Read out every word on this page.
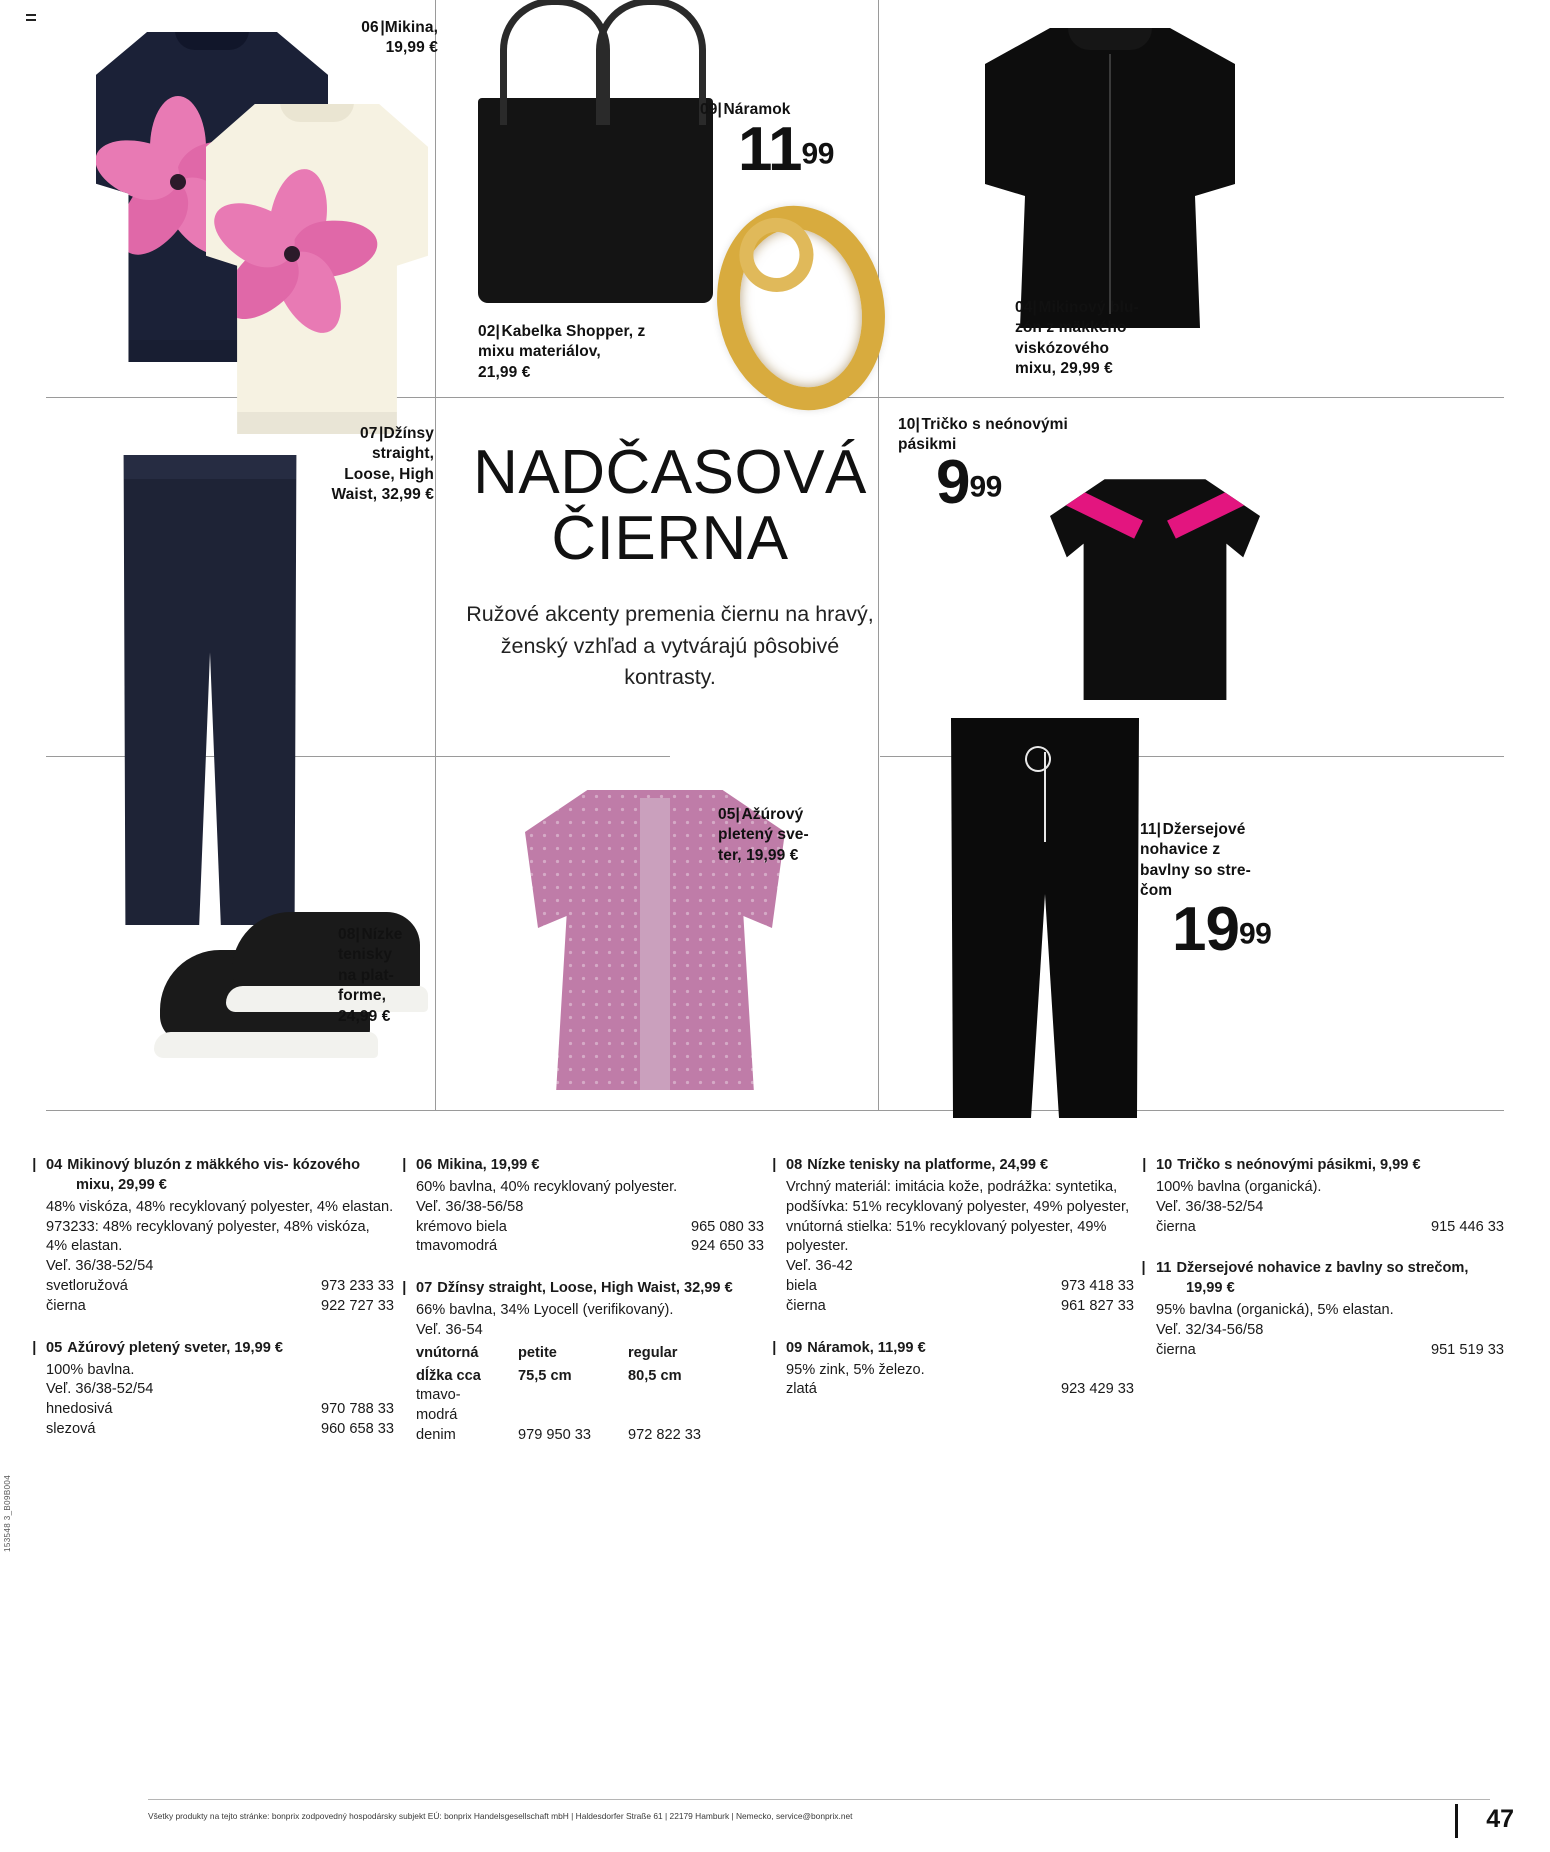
06 |Mikina,
19,99 €
02| Kabelka Shopper, z
mixu materiálov,
21,99 €
09| Náramok
1199
04| Mikinový blu-
zón z mäkkého
viskózového
mixu, 29,99 €
07 |Džínsy
straight,
Loose, High
Waist, 32,99 € NADČASOVÁ
ČIERNA

Ružové akcenty premenia čiernu na hravý, ženský vzhľad a vytvárajú pôsobivé kontrasty.

10| Tričko s neónovými
pásikmi
999
08| Nízke
tenisky
na plat-
forme,
24,99 €
05| Ažúrový
pletený sve-
ter, 19,99 €
11| Džersejové
nohavice z
bavlny so stre-
čom
1999
04| Mikinový bluzón z mäkkého vis- kózového mixu, 29,99 €
48% viskóza, 48% recyklovaný polyester, 4% elastan. 973233: 48% recyklovaný polyester, 48% viskóza, 4% elastan.
Veľ. 36/38-52/54
svetloružová	973 233 33
čierna	922 727 33
05| Ažúrový pletený sveter, 19,99 €
100% bavlna.
Veľ. 36/38-52/54
hnedosivá	970 788 33
slezová	960 658 33
06| Mikina, 19,99 €
60% bavlna, 40% recyklovaný polyester.
Veľ. 36/38-56/58
krémovo biela	965 080 33
tmavomodrá	924 650 33
07| Džínsy straight, Loose, High Waist, 32,99 €
66% bavlna, 34% Lyocell (verifikovaný).
Veľ. 36-54
vnútorná	petite	regular
dĺžka cca	75,5 cm	80,5 cm
tmavo-
modrá
denim	979 950 33	972 822 33
08| Nízke tenisky na platforme, 24,99 €
Vrchný materiál: imitácia kože, podrážka: syntetika, podšívka: 51% recyklovaný polyester, 49% polyester, vnútorná stielka: 51% recyklovaný polyester, 49% polyester.
Veľ. 36-42
biela	973 418 33
čierna	961 827 33
09| Náramok, 11,99 €
95% zink, 5% železo.
zlatá	923 429 33
10| Tričko s neónovými pásikmi, 9,99 €
100% bavlna (organická).
Veľ. 36/38-52/54
čierna	915 446 33
11| Džersejové nohavice z bavlny so strečom, 19,99 €
95% bavlna (organická), 5% elastan.
Veľ. 32/34-56/58
čierna	951 519 33
Všetky produkty na tejto stránke: bonprix zodpovedný hospodársky subjekt EÚ: bonprix Handelsgesellschaft mbH | Haldesdorfer Straße 61 | 22179 Hamburk | Nemecko, service@bonprix.net	47
153548 3_B09B004
